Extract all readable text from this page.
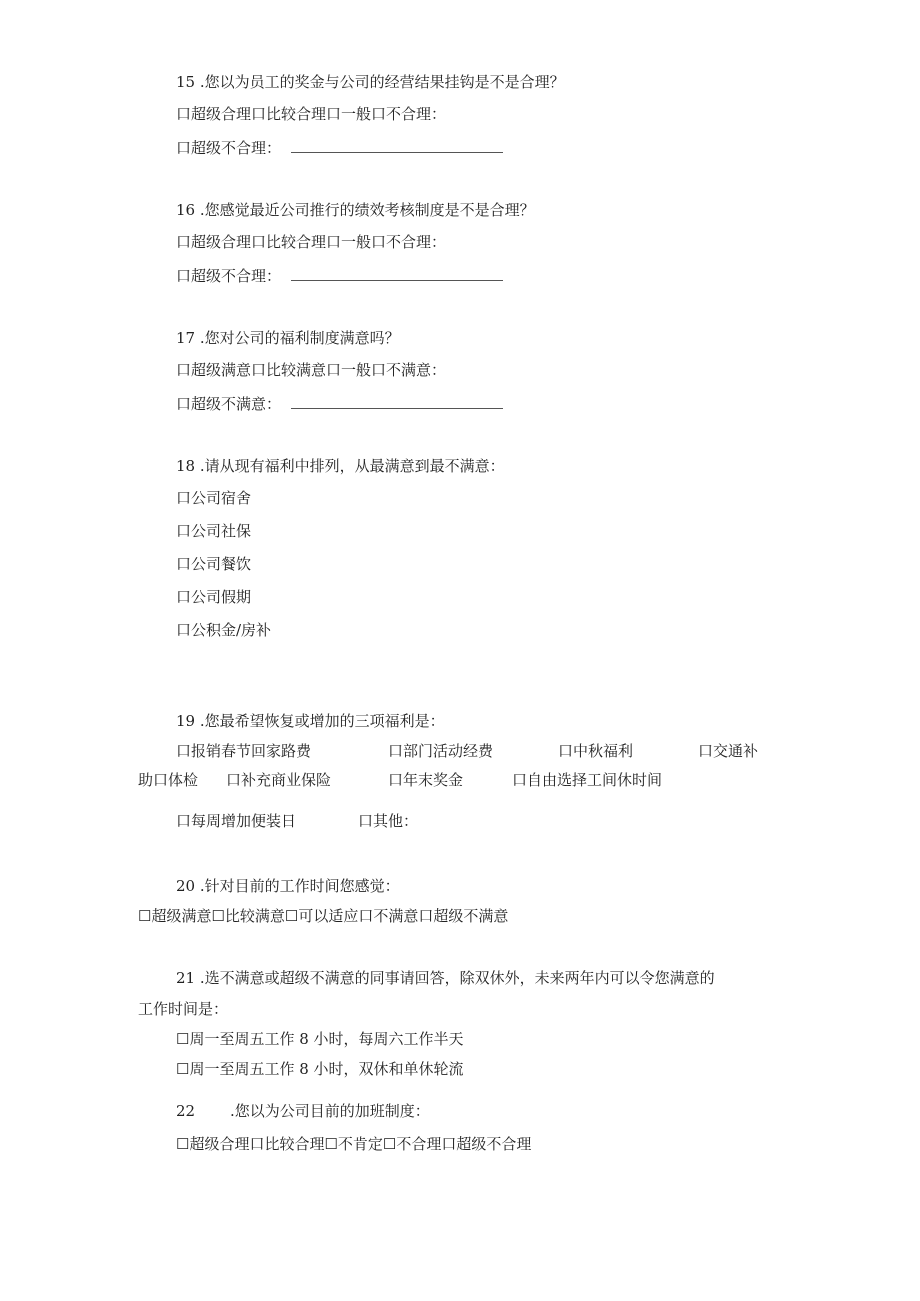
15 .您以为员工的奖金与公司的经营结果挂钩是不是合理？
口超级合理口比较合理口一般口不合理：
口超级不合理：
16 .您感觉最近公司推行的绩效考核制度是不是合理？
口超级合理口比较合理口一般口不合理：
口超级不合理：
17 .您对公司的福利制度满意吗？
口超级满意口比较满意口一般口不满意：
口超级不满意：
18 .请从现有福利中排列，从最满意到最不满意：
口公司宿舍
口公司社保
口公司餐饮
口公司假期
口公积金/房补
19 .您最希望恢复或增加的三项福利是：
口报销春节回家路费	口部门活动经费	口中秋福利	口交通补
助口体检 口补充商业保险	口年末奖金	口自由选择工间休时间
口每周增加便装日	口其他：
20 .针对目前的工作时间您感觉：
☐超级满意☐比较满意☐可以适应口不满意口超级不满意
21 .选不满意或超级不满意的同事请回答，除双休外，未来两年内可以令您满意的
工作时间是：
☐周一至周五工作 8 小时，每周六工作半天
☐周一至周五工作 8 小时，双休和单休轮流
22 .您以为公司目前的加班制度：
☐超级合理口比较合理☐不肯定☐不合理口超级不合理
